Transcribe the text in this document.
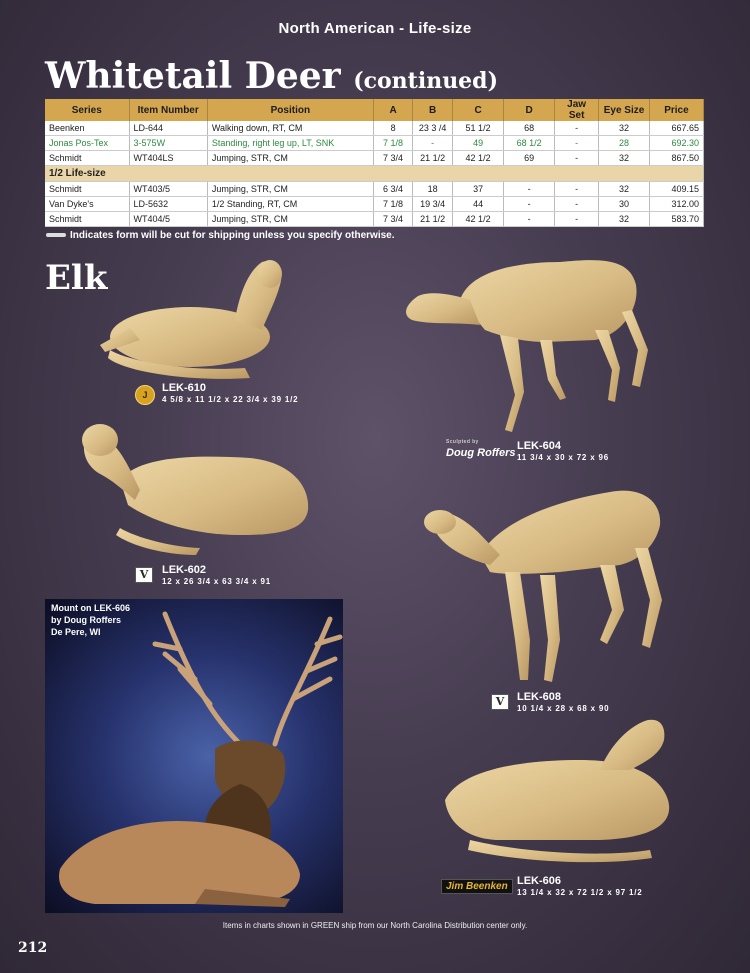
North American - Life-size
Whitetail Deer (continued)
Series	Item Number	Position	A	B	C	D	Jaw Set	Eye Size	Price
Beenken	LD-644	Walking down, RT, CM	8	23 3 /4	51 1/2	68	-	32	667.65
Jonas Pos-Tex	3-575W	Standing, right leg up, LT, SNK	7 1/8	-	49	68 1/2	-	28	692.30
Schmidt	WT404LS	Jumping, STR, CM	7 3/4	21 1/2	42 1/2	69	-	32	867.50
1/2 Life-size									
Schmidt	WT403/5	Jumping, STR, CM	6 3/4	18	37	-	-	32	409.15
Van Dyke's	LD-5632	1/2 Standing, RT, CM	7 1/8	19 3/4	44	-	-	30	312.00
Schmidt	WT404/5	Jumping, STR, CM	7 3/4	21 1/2	42 1/2	-	-	32	583.70
Indicates form will be cut for shipping unless you specify otherwise.
Elk
J
LEK-610
4 5/8 x 11 1/2 x 22 3/4 x 39 1/2
Sculpted by
Doug Roffers
LEK-604
11 3/4 x 30 x 72 x 96
V	LEK-602
12 x 26 3/4 x 63 3/4 x 91
V	LEK-608
10 1/4 x 28 x 68 x 90
Jim Beenken LEK-606
13 1/4 x 32 x 72 1/2 x 97 1/2
Mount on LEK-606
by Doug Roffers
De Pere, WI
Items in charts shown in GREEN ship from our North Carolina Distribution center only.
212
